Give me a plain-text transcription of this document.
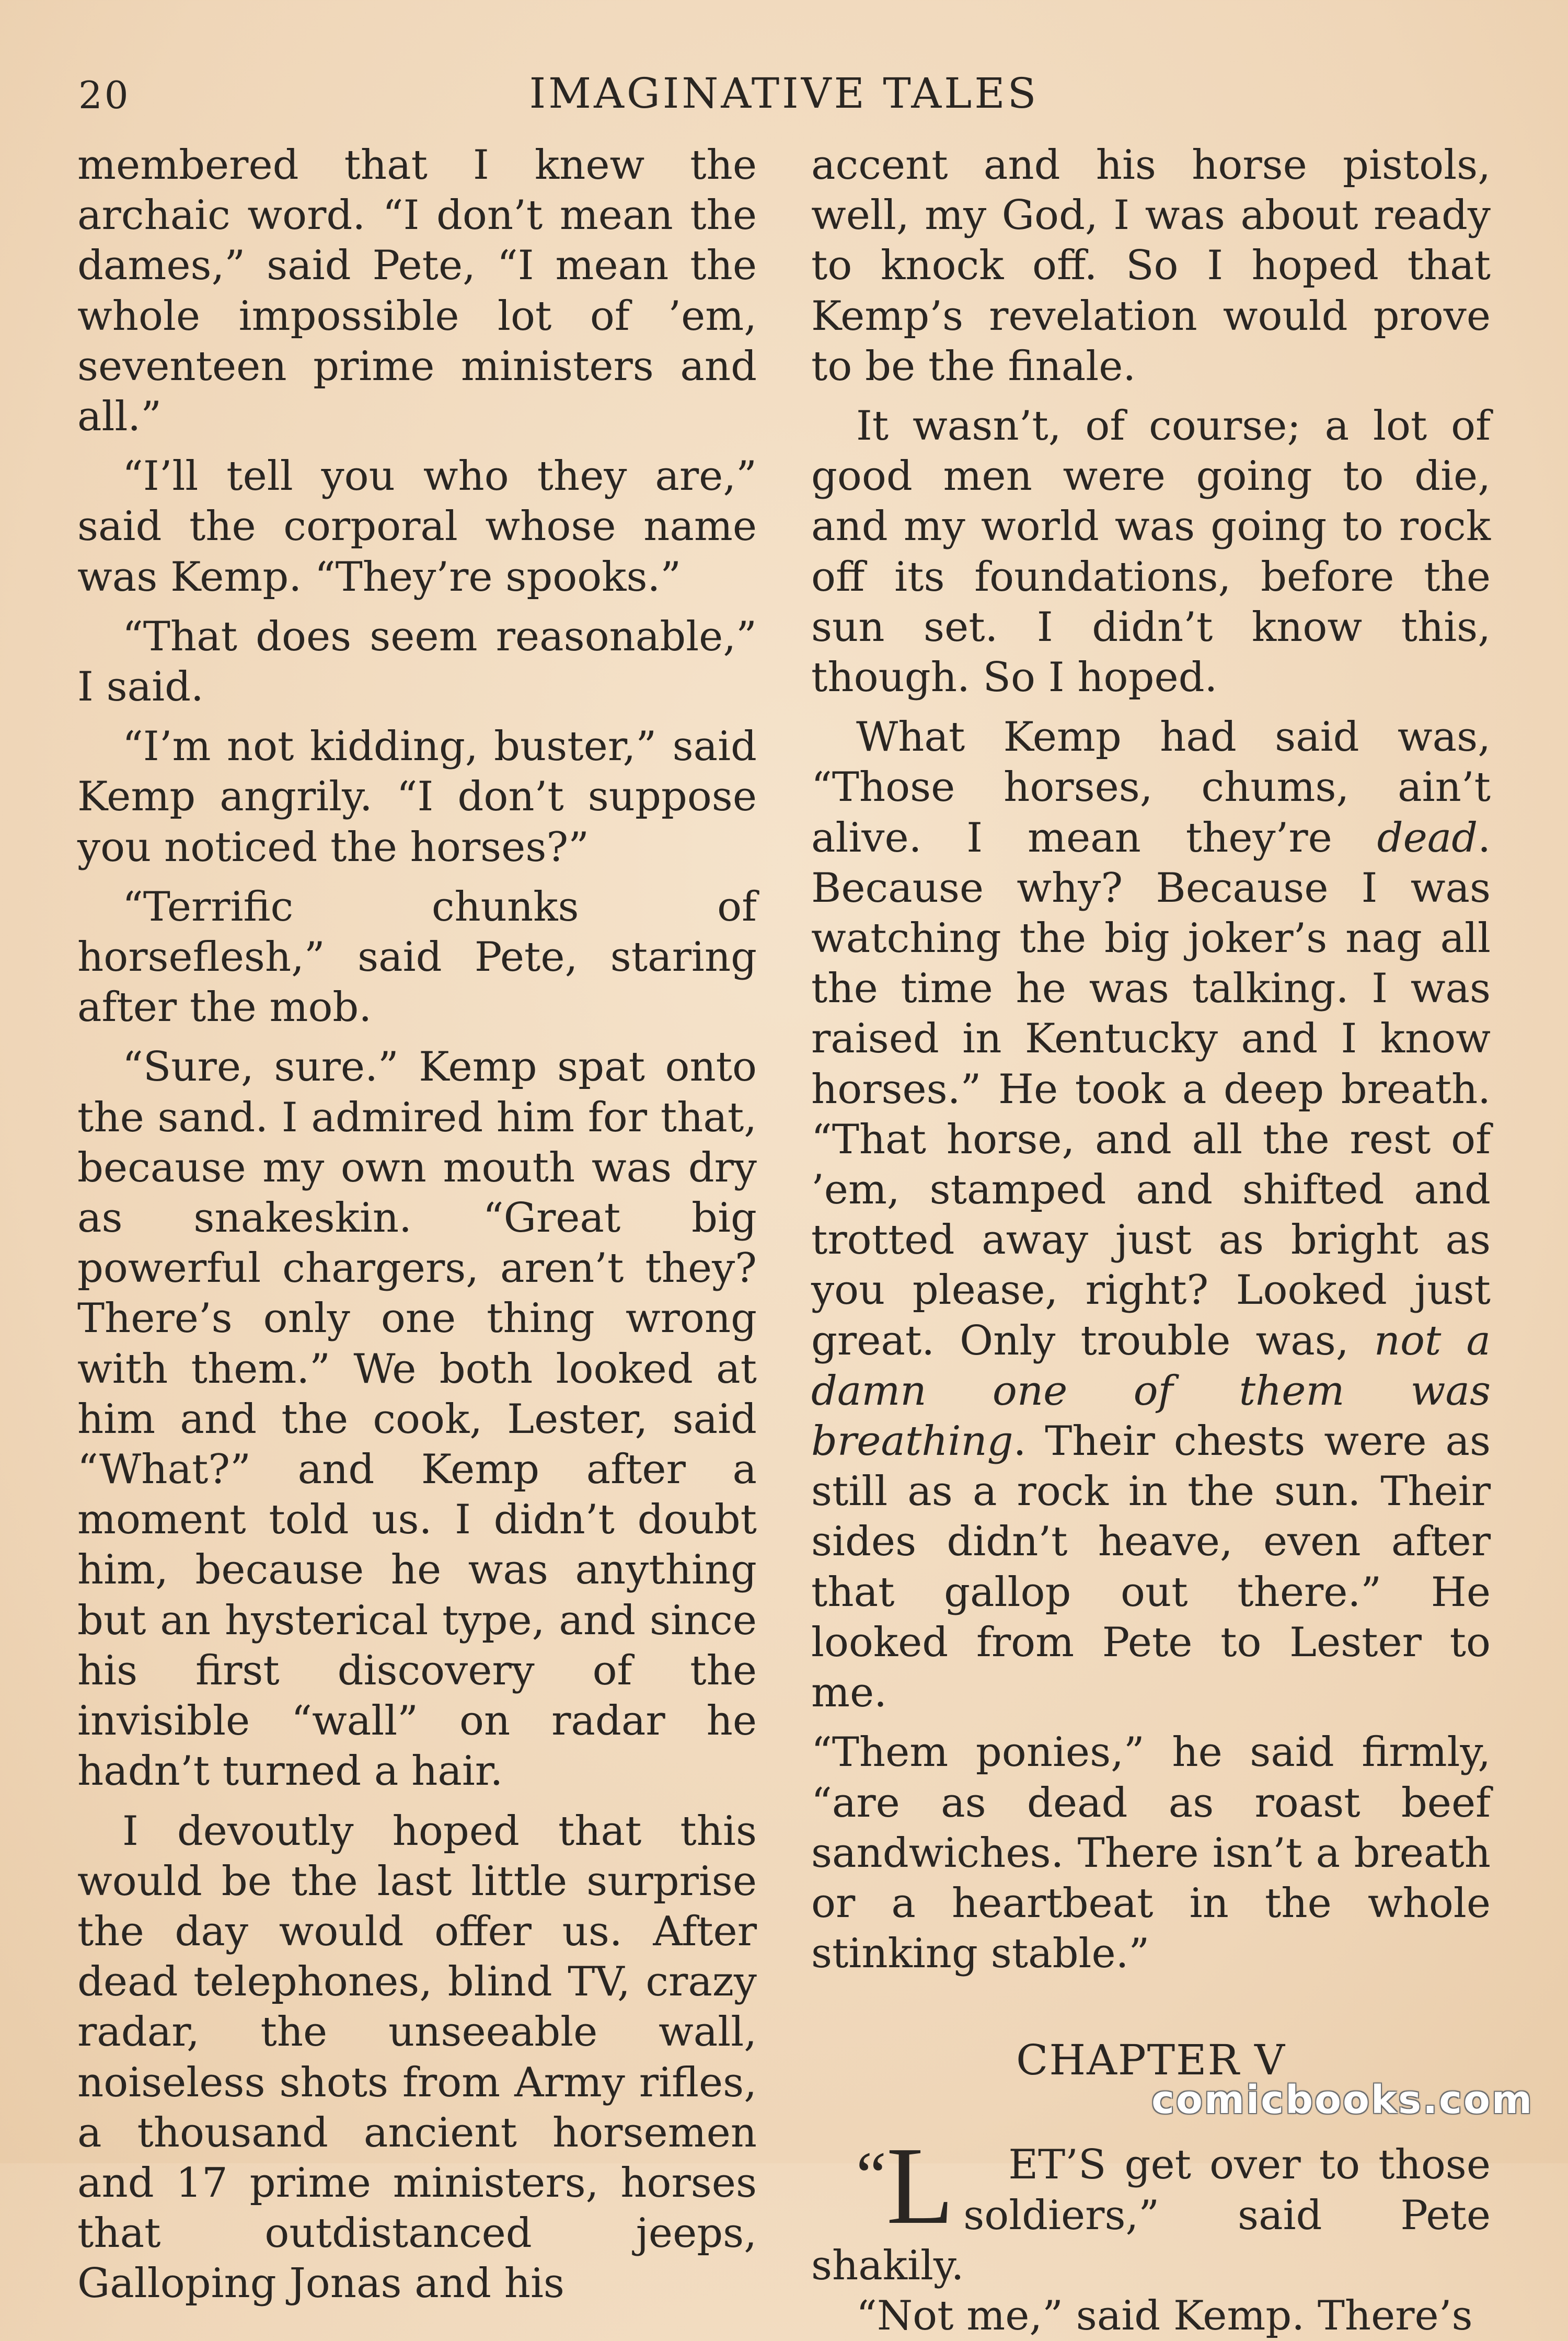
20	IMAGINATIVE TALES

membered that I knew the archaic word. “I don’t mean the dames,” said Pete, “I mean the whole impossible lot of ’em, seventeen prime ministers and all.”

“I’ll tell you who they are,” said the corporal whose name was Kemp. “They’re spooks.”

“That does seem reasonable,” I said.

“I’m not kidding, buster,” said Kemp angrily. “I don’t suppose you noticed the horses?”

“Terrific chunks of horseflesh,” said Pete, staring after the mob.

“Sure, sure.” Kemp spat onto the sand. I admired him for that, because my own mouth was dry as snakeskin. “Great big powerful chargers, aren’t they? There’s only one thing wrong with them.” We both looked at him and the cook, Lester, said “What?” and Kemp after a moment told us. I didn’t doubt him, because he was anything but an hysterical type, and since his first discovery of the invisible “wall” on radar he hadn’t turned a hair.

I devoutly hoped that this would be the last little surprise the day would offer us. After dead telephones, blind TV, crazy radar, the unseeable wall, noiseless shots from Army rifles, a thousand ancient horsemen and 17 prime ministers, horses that outdistanced jeeps, Galloping Jonas and his

accent and his horse pistols, well, my God, I was about ready to knock off. So I hoped that Kemp’s revelation would prove to be the finale.

It wasn’t, of course; a lot of good men were going to die, and my world was going to rock off its foundations, before the sun set. I didn’t know this, though. So I hoped.

What Kemp had said was, “Those horses, chums, ain’t alive. I mean they’re dead. Because why? Because I was watching the big joker’s nag all the time he was talking. I was raised in Kentucky and I know horses.” He took a deep breath. “That horse, and all the rest of ’em, stamped and shifted and trotted away just as bright as you please, right? Looked just great. Only trouble was, not a damn one of them was breathing. Their chests were as still as a rock in the sun. Their sides didn’t heave, even after that gallop out there.” He looked from Pete to Lester to me.

“Them ponies,” he said firmly, “are as dead as roast beef sandwiches. There isn’t a breath or a heartbeat in the whole stinking stable.”

CHAPTER V

“L ET’S get over to those soldiers,” said Pete shakily.

“Not me,” said Kemp. There’s

comicbooks.com
